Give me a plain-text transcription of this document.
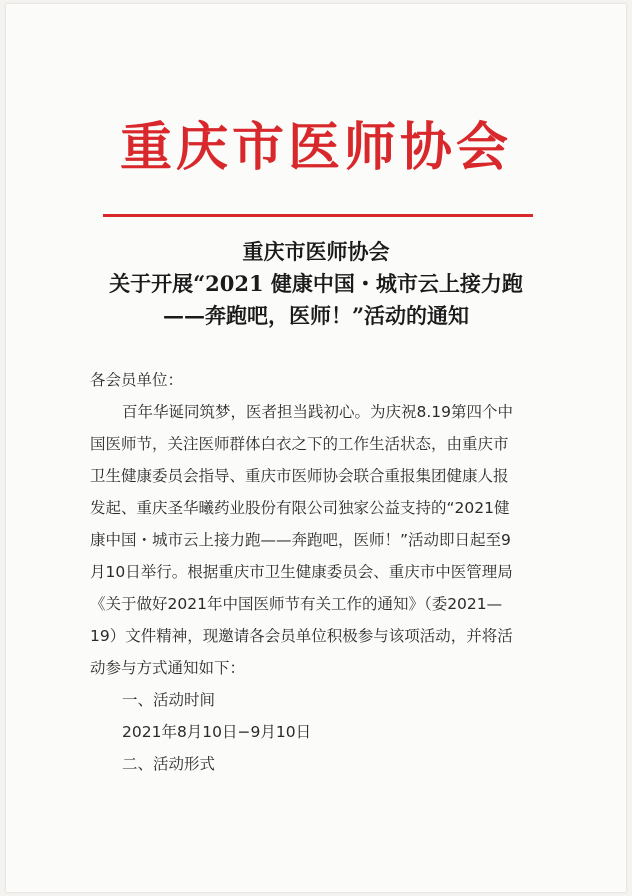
重庆市医师协会
重庆市医师协会
关于开展“2021 健康中国・城市云上接力跑
——奔跑吧，医师！”活动的通知
各会员单位：
百年华诞同筑梦，医者担当践初心。为庆祝8.19第四个中
国医师节，关注医师群体白衣之下的工作生活状态，由重庆市
卫生健康委员会指导、重庆市医师协会联合重报集团健康人报
发起、重庆圣华曦药业股份有限公司独家公益支持的“2021健
康中国・城市云上接力跑——奔跑吧，医师！”活动即日起至9
月10日举行。根据重庆市卫生健康委员会、重庆市中医管理局
《关于做好2021年中国医师节有关工作的通知》（委2021—
19）文件精神，现邀请各会员单位积极参与该项活动，并将活
动参与方式通知如下：
一、活动时间
2021年8月10日−9月10日
二、活动形式
